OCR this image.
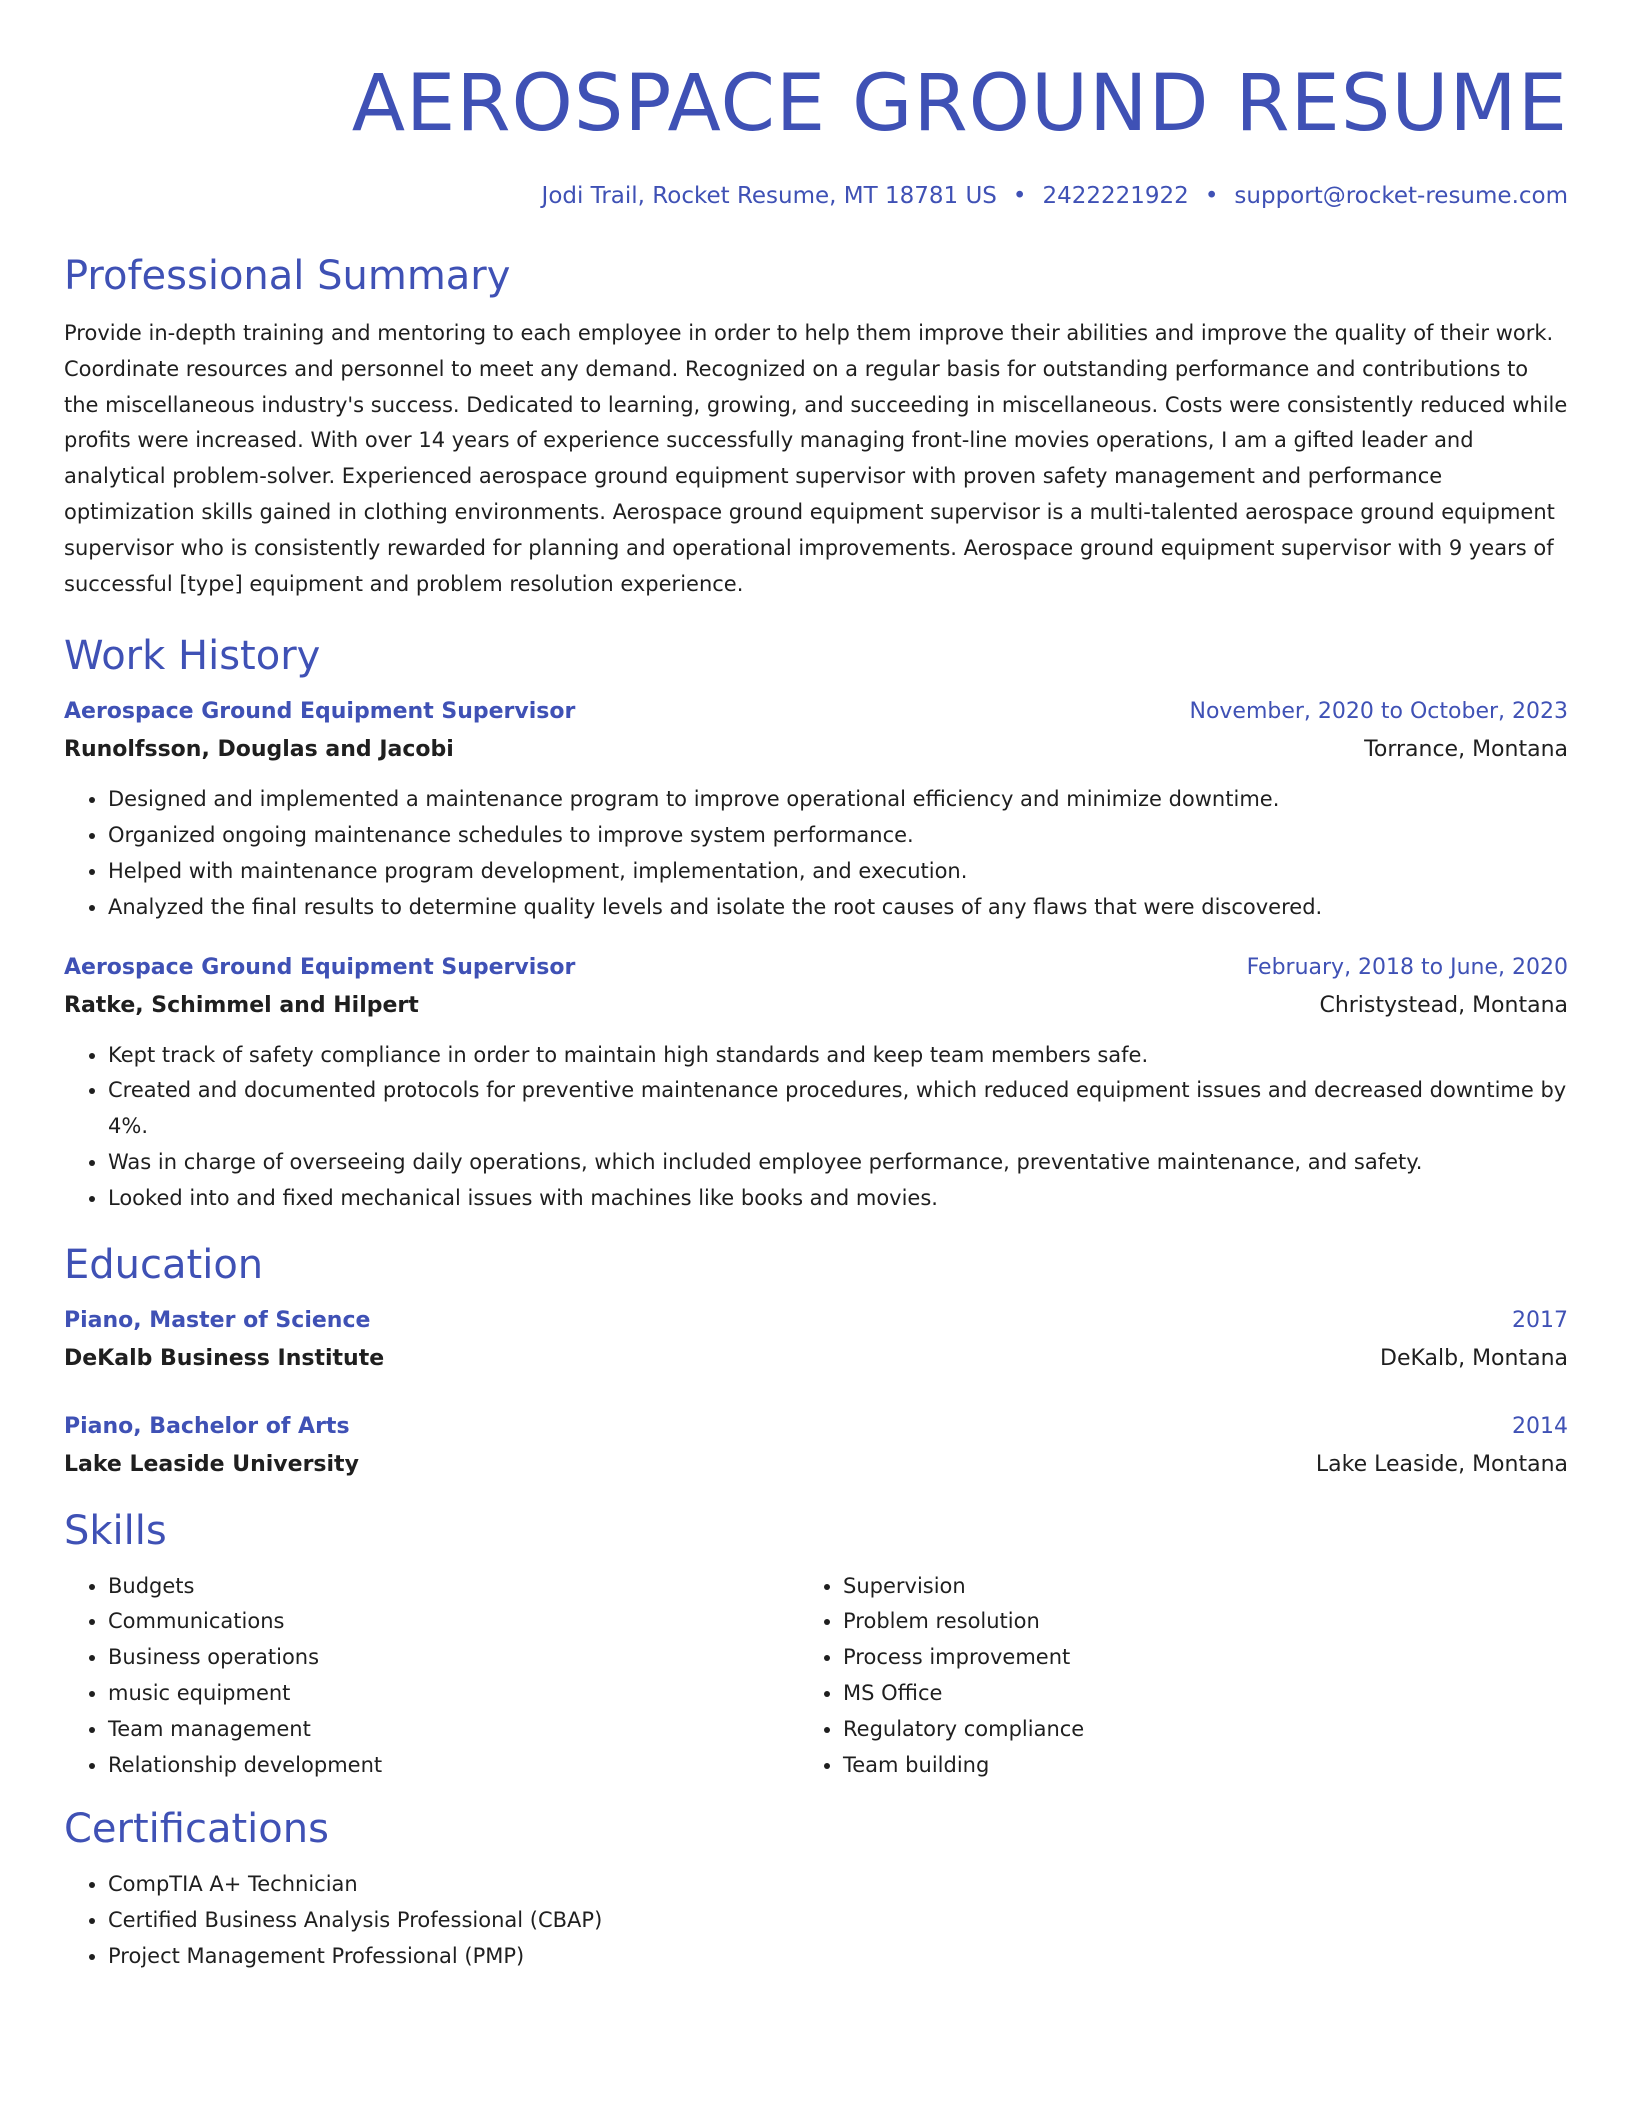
AEROSPACE GROUND RESUME
Jodi Trail, Rocket Resume, MT 18781 US • 2422221922 • support@rocket-resume.com
Professional Summary
Provide in-depth training and mentoring to each employee in order to help them improve their abilities and improve the quality of their work. Coordinate resources and personnel to meet any demand. Recognized on a regular basis for outstanding performance and contributions to the miscellaneous industry's success. Dedicated to learning, growing, and succeeding in miscellaneous. Costs were consistently reduced while profits were increased. With over 14 years of experience successfully managing front-line movies operations, I am a gifted leader and analytical problem-solver. Experienced aerospace ground equipment supervisor with proven safety management and performance optimization skills gained in clothing environments. Aerospace ground equipment supervisor is a multi-talented aerospace ground equipment supervisor who is consistently rewarded for planning and operational improvements. Aerospace ground equipment supervisor with 9 years of successful [type] equipment and problem resolution experience.
Work History
Aerospace Ground Equipment Supervisor	November, 2020 to October, 2023
Runolfsson, Douglas and Jacobi	Torrance, Montana
• Designed and implemented a maintenance program to improve operational efficiency and minimize downtime.
• Organized ongoing maintenance schedules to improve system performance.
• Helped with maintenance program development, implementation, and execution.
• Analyzed the final results to determine quality levels and isolate the root causes of any flaws that were discovered.
Aerospace Ground Equipment Supervisor	February, 2018 to June, 2020
Ratke, Schimmel and Hilpert	Christystead, Montana
• Kept track of safety compliance in order to maintain high standards and keep team members safe.
• Created and documented protocols for preventive maintenance procedures, which reduced equipment issues and decreased downtime by 4%.
• Was in charge of overseeing daily operations, which included employee performance, preventative maintenance, and safety.
• Looked into and fixed mechanical issues with machines like books and movies.
Education
Piano, Master of Science	2017
DeKalb Business Institute	DeKalb, Montana
Piano, Bachelor of Arts	2014
Lake Leaside University	Lake Leaside, Montana
Skills
• Budgets
• Communications
• Business operations
• music equipment
• Team management
• Relationship development
• Supervision
• Problem resolution
• Process improvement
• MS Office
• Regulatory compliance
• Team building
Certifications
• CompTIA A+ Technician
• Certified Business Analysis Professional (CBAP)
• Project Management Professional (PMP)
